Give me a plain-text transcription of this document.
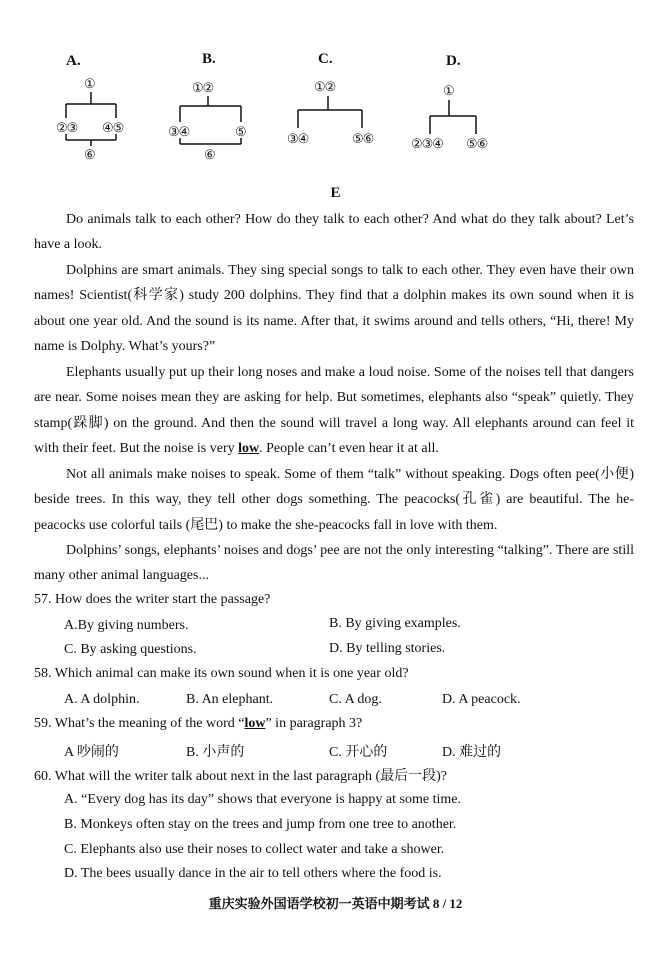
A.
①
②③ ④⑤
⑥
B.
①②
③④	⑤
⑥
C.
①②
③④	⑤⑥
D.
①
②③④ ⑤⑥
E
Do animals talk to each other? How do they talk to each other? And what do they talk about? Let’s have a look.
Dolphins are smart animals. They sing special songs to talk to each other. They even have their own names! Scientist(科学家) study 200 dolphins. They find that a dolphin makes its own sound when it is about one year old. And the sound is its name. After that, it swims around and tells others, “Hi, there! My name is Dolphy. What’s yours?”
Elephants usually put up their long noses and make a loud noise. Some of the noises tell that dangers are near. Some noises mean they are asking for help. But sometimes, elephants also “speak” quietly. They stamp(跺脚) on the ground. And then the sound will travel a long way. All elephants around can feel it with their feet. But the noise is very low. People can’t even hear it at all.
Not all animals make noises to speak. Some of them “talk” without speaking. Dogs often pee(小便) beside trees. In this way, they tell other dogs something. The peacocks(孔雀) are beautiful. The he-peacocks use colorful tails (尾巴) to make the she-peacocks fall in love with them.
Dolphins’ songs, elephants’ noises and dogs’ pee are not the only interesting “talking”. There are still many other animal languages...
57. How does the writer start the passage?
A.By giving numbers.	B. By giving examples.
C. By asking questions.	D. By telling stories.
58. Which animal can make its own sound when it is one year old?
A. A dolphin.	B. An elephant.	C. A dog.	D. A peacock.
59. What’s the meaning of the word “low” in paragraph 3?
A 吵闹的	B. 小声的	C. 开心的	D. 难过的
60. What will the writer talk about next in the last paragraph (最后一段)?
A. “Every dog has its day” shows that everyone is happy at some time.
B. Monkeys often stay on the trees and jump from one tree to another.
C. Elephants also use their noses to collect water and take a shower.
D. The bees usually dance in the air to tell others where the food is.
重庆实验外国语学校初一英语中期考试 8 / 12
